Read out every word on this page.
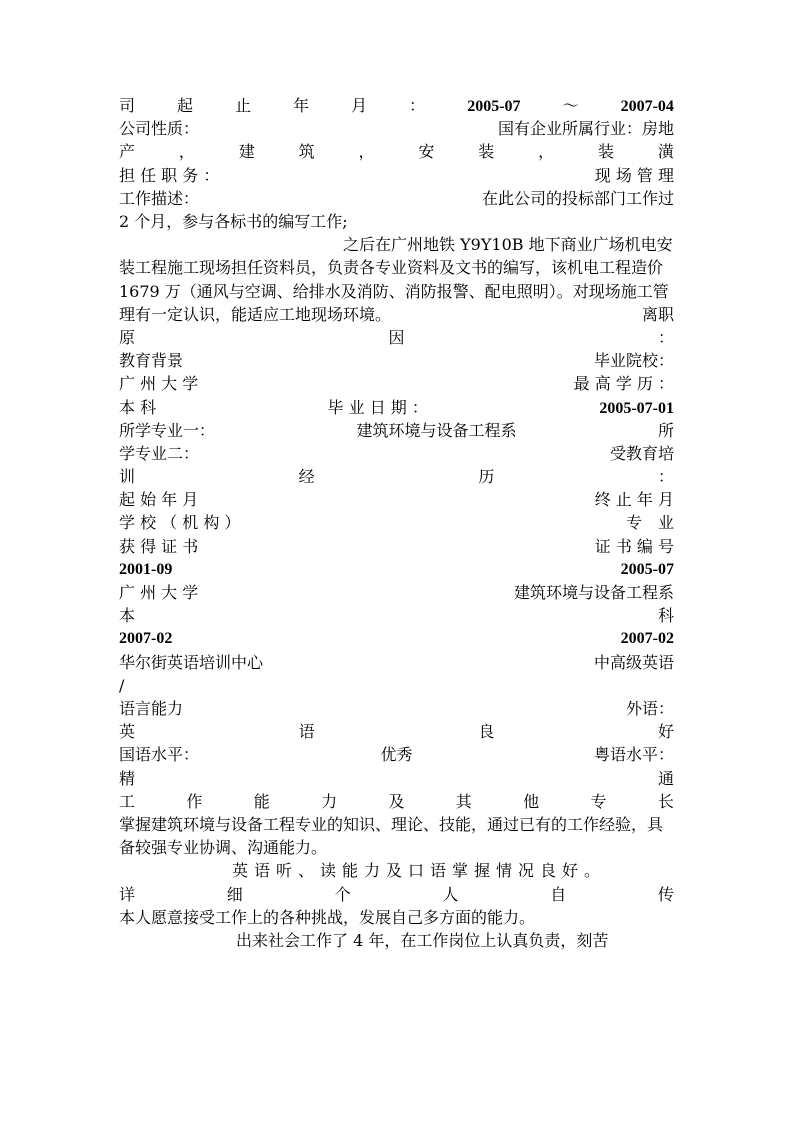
司	起	止	年	月	：	2005-07	～	2007-04
公司性质：	国有企业所属行业：房地
产	，	建	筑	，	安	装	，	装	潢
担 任 职 务 ：	现 场 管 理
工作描述：	在此公司的投标部门工作过

2 个月，参与各标书的编写工作;

之后在广州地铁 Y9Y10B 地下商业广场机电安装工程施工现场担任资料员，负责各专业资料及文书的编写，该机电工程造价 1679 万（通风与空调、给排水及消防、消防报警、配电照明）。对现场施工管理有一定认识，能适应工地现场环境。	离职

原	因	：
教育背景	毕业院校：
广 州 大 学	最 高 学 历 ：
本 科	毕 业 日 期 ：	2005-07-01
所学专业一：	建筑环境与设备工程系	所
学专业二：	受教育培
训	经	历	：
起 始 年 月	终 止 年 月
学 校 （ 机 构 ）	专　业
获 得 证 书	证 书 编 号
2001-09	2005-07
广 州 大 学	建筑环境与设备工程系
本	科
2007-02	2007-02
华尔街英语培训中心	中高级英语
/
语言能力	外语：
英	语	良	好
国语水平：	优秀	粤语水平：
精	通
工	作	能	力	及	其	他	专	长

掌握建筑环境与设备工程专业的知识、理论、技能，通过已有的工作经验，具备较强专业协调、沟通能力。

英语听、读能力及口语掌握情况良好。

详	细	个	人	自	传

本人愿意接受工作上的各种挑战，发展自己多方面的能力。

出来社会工作了 4 年，在工作岗位上认真负责，刻苦
